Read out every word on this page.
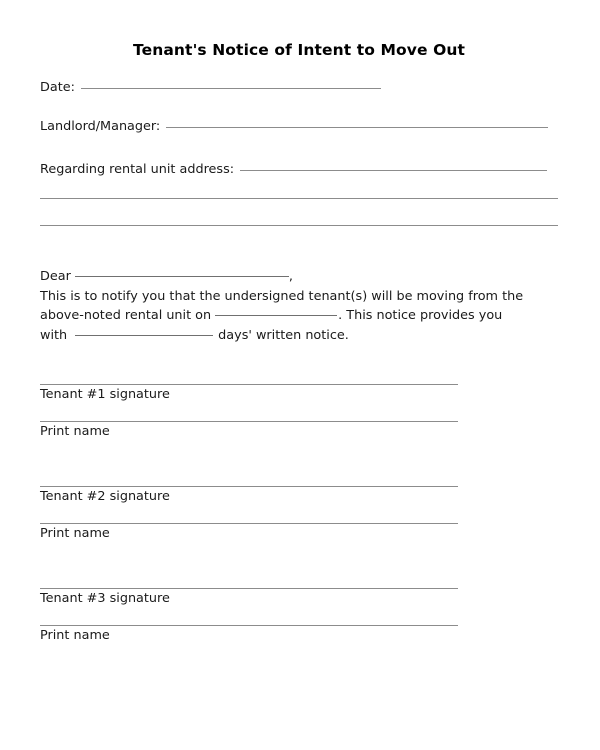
Tenant's Notice of Intent to Move Out
Date:
Landlord/Manager:
Regarding rental unit address:
Dear	,
This is to notify you that the undersigned tenant(s) will be moving from the
above-noted rental unit on	. This notice provides you
with	days' written notice.
Tenant #1 signature
Print name
Tenant #2 signature
Print name
Tenant #3 signature
Print name
